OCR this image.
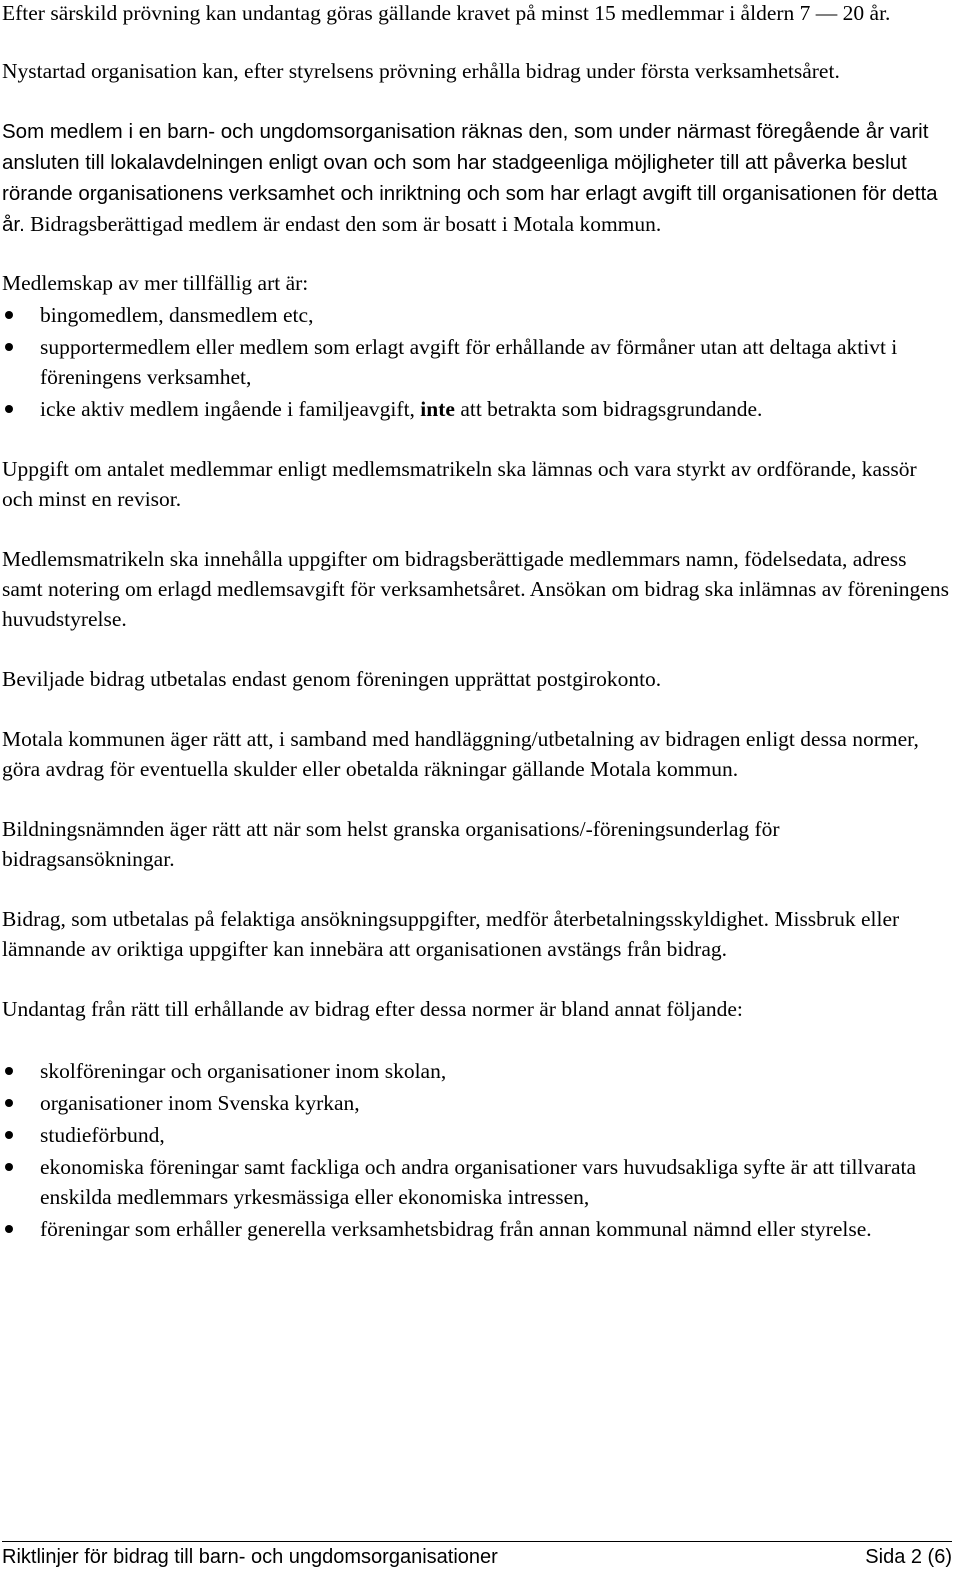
Efter särskild prövning kan undantag göras gällande kravet på minst 15 medlemmar i åldern 7 — 20 år.

Nystartad organisation kan, efter styrelsens prövning erhålla bidrag under första verksamhetsåret.

Som medlem i en barn- och ungdomsorganisation räknas den, som under närmast föregående år varit ansluten till lokalavdelningen enligt ovan och som har stadgeenliga möjligheter till att påverka beslut rörande organisationens verksamhet och inriktning och som har erlagt avgift till organisationen för detta år. Bidragsberättigad medlem är endast den som är bosatt i Motala kommun.

Medlemskap av mer tillfällig art är:

bingomedlem, dansmedlem etc,
supportermedlem eller medlem som erlagt avgift för erhållande av förmåner utan att deltaga aktivt i föreningens verksamhet,
icke aktiv medlem ingående i familjeavgift, inte att betrakta som bidragsgrundande.

Uppgift om antalet medlemmar enligt medlemsmatrikeln ska lämnas och vara styrkt av ordförande, kassör och minst en revisor.

Medlemsmatrikeln ska innehålla uppgifter om bidragsberättigade medlemmars namn, födelsedata, adress samt notering om erlagd medlemsavgift för verksamhetsåret. Ansökan om bidrag ska inlämnas av föreningens huvudstyrelse.

Beviljade bidrag utbetalas endast genom föreningen upprättat postgirokonto.

Motala kommunen äger rätt att, i samband med handläggning/utbetalning av bidragen enligt dessa normer, göra avdrag för eventuella skulder eller obetalda räkningar gällande Motala kommun.

Bildningsnämnden äger rätt att när som helst granska organisations/-föreningsunderlag för bidragsansökningar.

Bidrag, som utbetalas på felaktiga ansökningsuppgifter, medför återbetalningsskyldighet. Missbruk eller lämnande av oriktiga uppgifter kan innebära att organisationen avstängs från bidrag.

Undantag från rätt till erhållande av bidrag efter dessa normer är bland annat följande:

skolföreningar och organisationer inom skolan,
organisationer inom Svenska kyrkan,
studieförbund,
ekonomiska föreningar samt fackliga och andra organisationer vars huvudsakliga syfte är att tillvarata enskilda medlemmars yrkesmässiga eller ekonomiska intressen,
föreningar som erhåller generella verksamhetsbidrag från annan kommunal nämnd eller styrelse.
Riktlinjer för bidrag till barn- och ungdomsorganisationer	Sida 2 (6)
